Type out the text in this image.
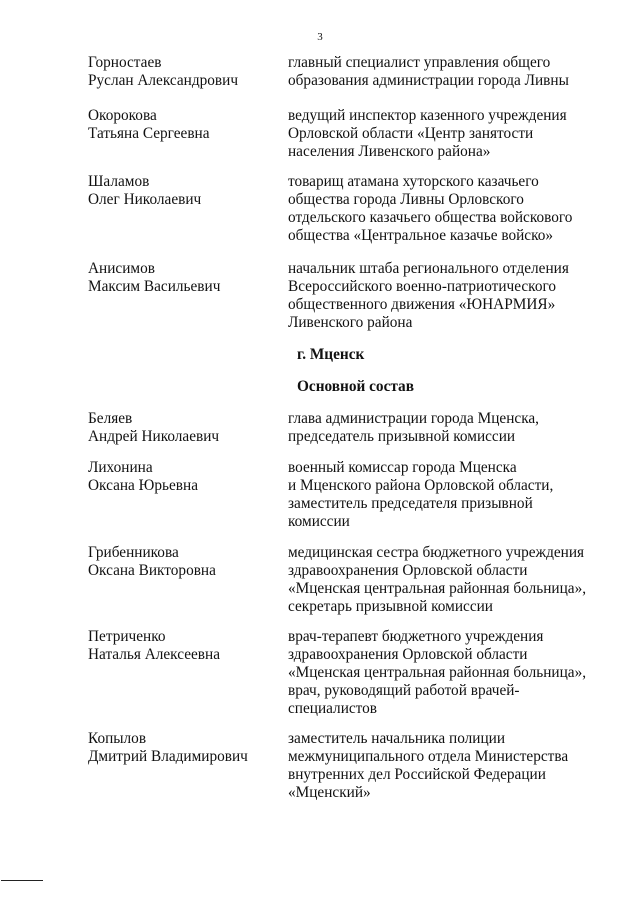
3
Горностаев
Руслан Александрович
главный специалист управления общего
образования администрации города Ливны
Окорокова
Татьяна Сергеевна
ведущий инспектор казенного учреждения
Орловской области «Центр занятости
населения Ливенского района»
Шаламов
Олег Николаевич
товарищ атамана хуторского казачьего
общества города Ливны Орловского
отдельского казачьего общества войскового
общества «Центральное казачье войско»
Анисимов
Максим Васильевич
начальник штаба регионального отделения
Всероссийского военно-патриотического
общественного движения «ЮНАРМИЯ»
Ливенского района
г. Мценск
Основной состав
Беляев
Андрей Николаевич
глава администрации города Мценска,
председатель призывной комиссии
Лихонина
Оксана Юрьевна
военный комиссар города Мценска
и Мценского района Орловской области,
заместитель председателя призывной
комиссии
Грибенникова
Оксана Викторовна
медицинская сестра бюджетного учреждения
здравоохранения Орловской области
«Мценская центральная районная больница»,
секретарь призывной комиссии
Петриченко
Наталья Алексеевна
врач-терапевт бюджетного учреждения
здравоохранения Орловской области
«Мценская центральная районная больница»,
врач, руководящий работой врачей-
специалистов
Копылов
Дмитрий Владимирович
заместитель начальника полиции
межмуниципального отдела Министерства
внутренних дел Российской Федерации
«Мценский»
